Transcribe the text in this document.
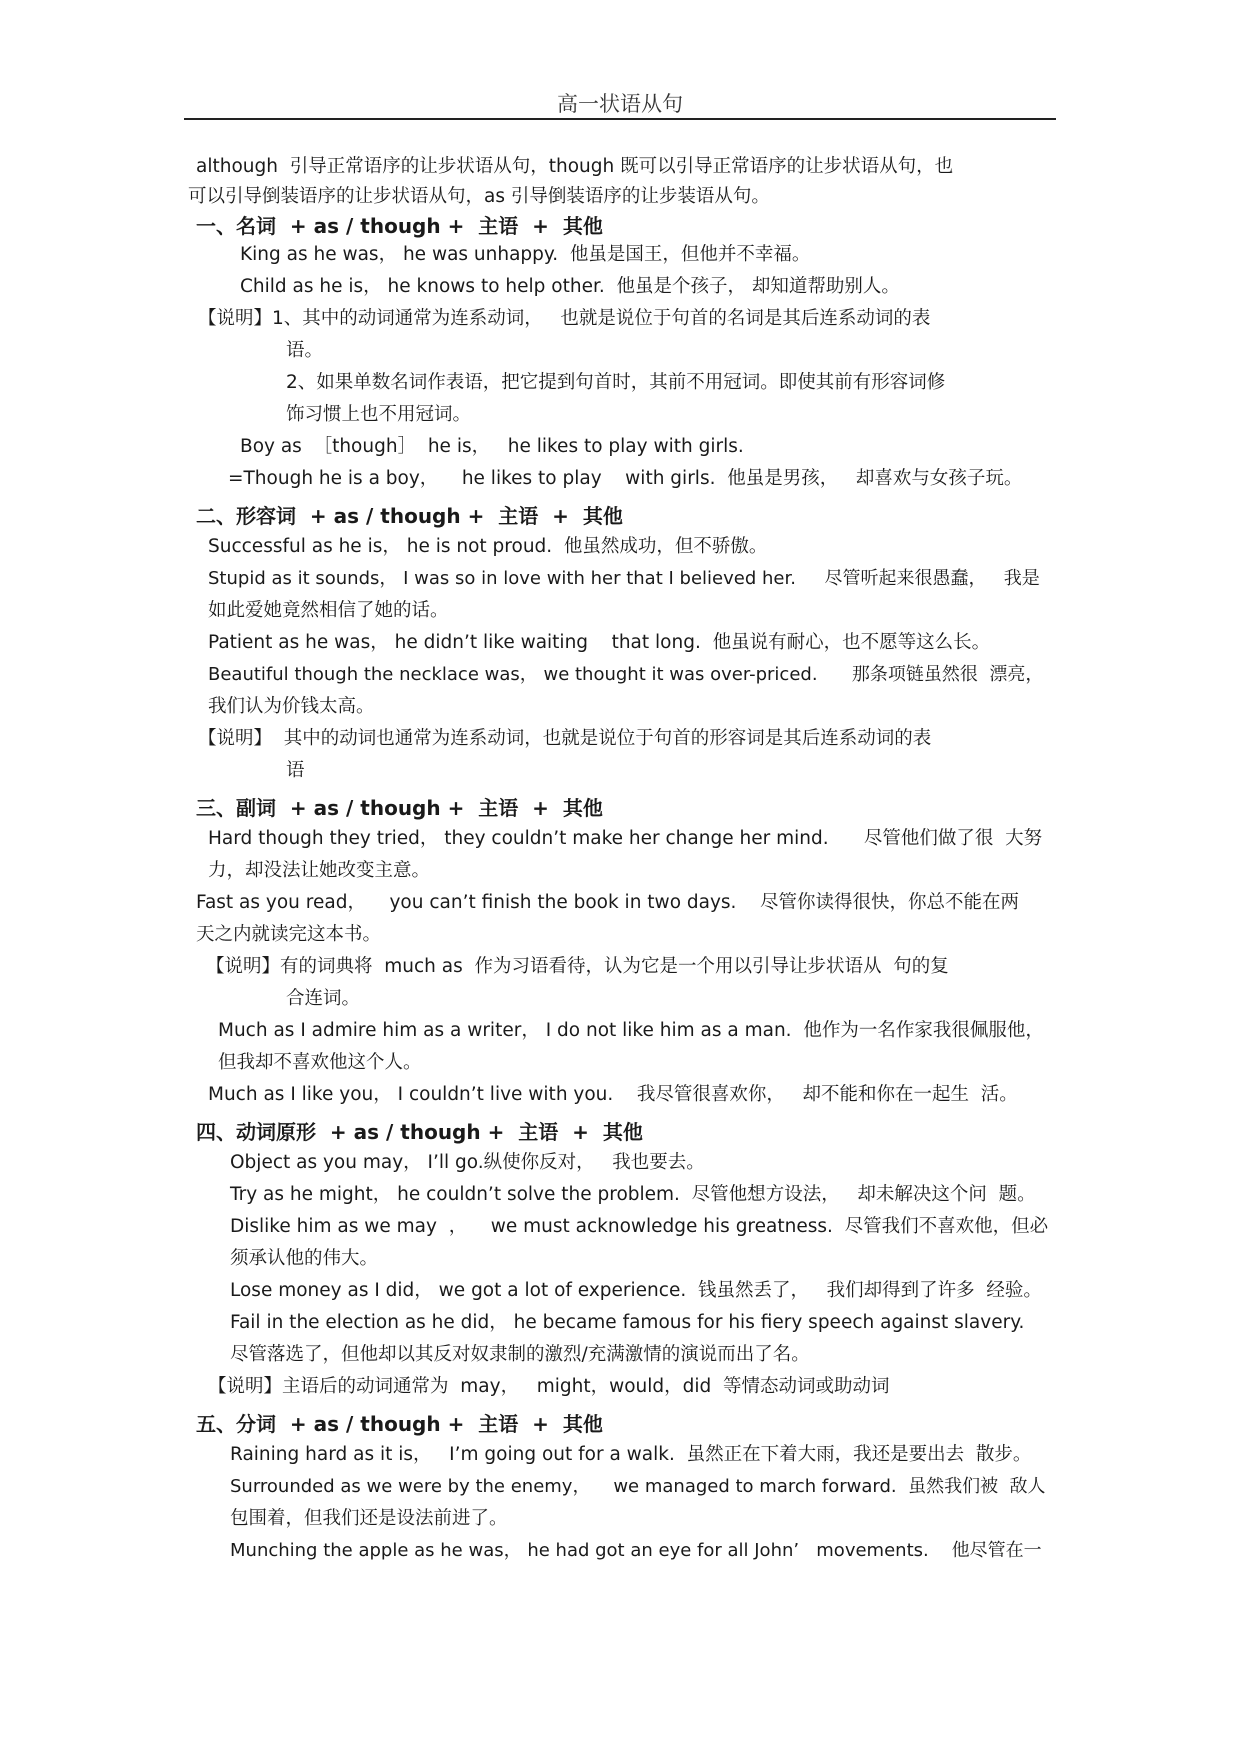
高一状语从句
although  引导正常语序的让步状语从句，though 既可以引导正常语序的让步状语从句，也
可以引导倒装语序的让步状语从句，as 引导倒装语序的让步装语从句。
一、名词  + as / though +  主语  +  其他
King as he was， he was unhappy.  他虽是国王，但他并不幸福。
Child as he is， he knows to help other.  他虽是个孩子， 却知道帮助别人。
【说明】1、其中的动词通常为连系动词，   也就是说位于句首的名词是其后连系动词的表
语。
2、如果单数名词作表语，把它提到句首时，其前不用冠词。即使其前有形容词修
饰习惯上也不用冠词。
Boy as  ［though］  he is，   he likes to play with girls.
=Though he is a boy，    he likes to play    with girls.  他虽是男孩，   却喜欢与女孩子玩。
二、形容词  + as / though +  主语  +  其他
Successful as he is， he is not proud.  他虽然成功，但不骄傲。
Stupid as it sounds， I was so in love with her that I believed her.     尽管听起来很愚蠢，   我是
如此爱她竟然相信了她的话。
Patient as he was， he didn’t like waiting    that long.  他虽说有耐心，也不愿等这么长。
Beautiful though the necklace was， we thought it was over-priced.      那条项链虽然很  漂亮，
我们认为价钱太高。
【说明】  其中的动词也通常为连系动词，也就是说位于句首的形容词是其后连系动词的表
语
三、副词  + as / though +  主语  +  其他
Hard though they tried， they couldn’t make her change her mind.      尽管他们做了很  大努
力，却没法让她改变主意。
Fast as you read，    you can’t finish the book in two days.    尽管你读得很快，你总不能在两
天之内就读完这本书。
【说明】有的词典将  much as  作为习语看待，认为它是一个用以引导让步状语从  句的复
合连词。
Much as I admire him as a writer， I do not like him as a man.  他作为一名作家我很佩服他，
但我却不喜欢他这个人。
Much as I like you， I couldn’t live with you.    我尽管很喜欢你，   却不能和你在一起生  活。
四、动词原形  + as / though +  主语  +  其他
Object as you may， I’ll go.纵使你反对，   我也要去。
Try as he might， he couldn’t solve the problem.  尽管他想方设法，   却未解决这个问  题。
Dislike him as we may  ，    we must acknowledge his greatness.  尽管我们不喜欢他，但必
须承认他的伟大。
Lose money as I did， we got a lot of experience.  钱虽然丢了，   我们却得到了许多  经验。
Fail in the election as he did， he became famous for his fiery speech against slavery.
尽管落选了，但他却以其反对奴隶制的激烈/充满激情的演说而出了名。
【说明】主语后的动词通常为  may，   might，would，did  等情态动词或助动词
五、分词  + as / though +  主语  +  其他
Raining hard as it is，   I’m going out for a walk.  虽然正在下着大雨，我还是要出去  散步。
Surrounded as we were by the enemy，    we managed to march forward.  虽然我们被  敌人
包围着，但我们还是设法前进了。
Munching the apple as he was， he had got an eye for all John’   movements.    他尽管在一
